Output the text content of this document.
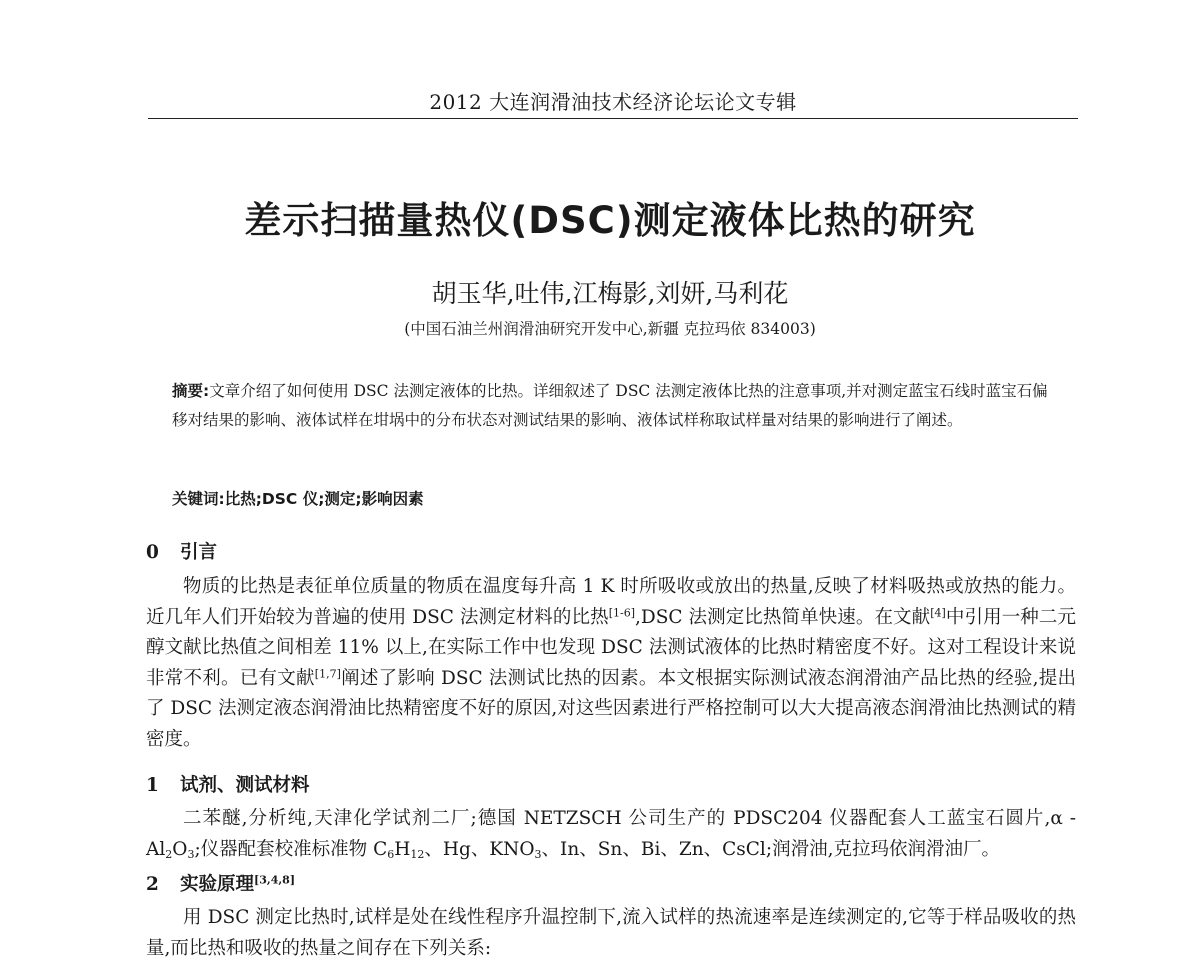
2012 大连润滑油技术经济论坛论文专辑
差示扫描量热仪(DSC)测定液体比热的研究
胡玉华,吐伟,江梅影,刘妍,马利花
(中国石油兰州润滑油研究开发中心,新疆 克拉玛依 834003)
摘要:文章介绍了如何使用 DSC 法测定液体的比热。详细叙述了 DSC 法测定液体比热的注意事项,并对测定蓝宝石线时蓝宝石偏移对结果的影响、液体试样在坩埚中的分布状态对测试结果的影响、液体试样称取试样量对结果的影响进行了阐述。
关键词:比热;DSC 仪;测定;影响因素
0 引言
物质的比热是表征单位质量的物质在温度每升高 1 K 时所吸收或放出的热量,反映了材料吸热或放热的能力。近几年人们开始较为普遍的使用 DSC 法测定材料的比热[1-6],DSC 法测定比热简单快速。在文献[4]中引用一种二元醇文献比热值之间相差 11% 以上,在实际工作中也发现 DSC 法测试液体的比热时精密度不好。这对工程设计来说非常不利。已有文献[1,7]阐述了影响 DSC 法测试比热的因素。本文根据实际测试液态润滑油产品比热的经验,提出了 DSC 法测定液态润滑油比热精密度不好的原因,对这些因素进行严格控制可以大大提高液态润滑油比热测试的精密度。
1 试剂、测试材料
二苯醚,分析纯,天津化学试剂二厂;德国 NETZSCH 公司生产的 PDSC204 仪器配套人工蓝宝石圆片,α - $Al_2O_3$;仪器配套校准标准物 $C_6H_{12}$、Hg、$KNO_3$、In、Sn、Bi、Zn、CsCl;润滑油,克拉玛依润滑油厂。
2 实验原理[3,4,8]
用 DSC 测定比热时,试样是处在线性程序升温控制下,流入试样的热流速率是连续测定的,它等于样品吸收的热量,而比热和吸收的热量之间存在下列关系:
